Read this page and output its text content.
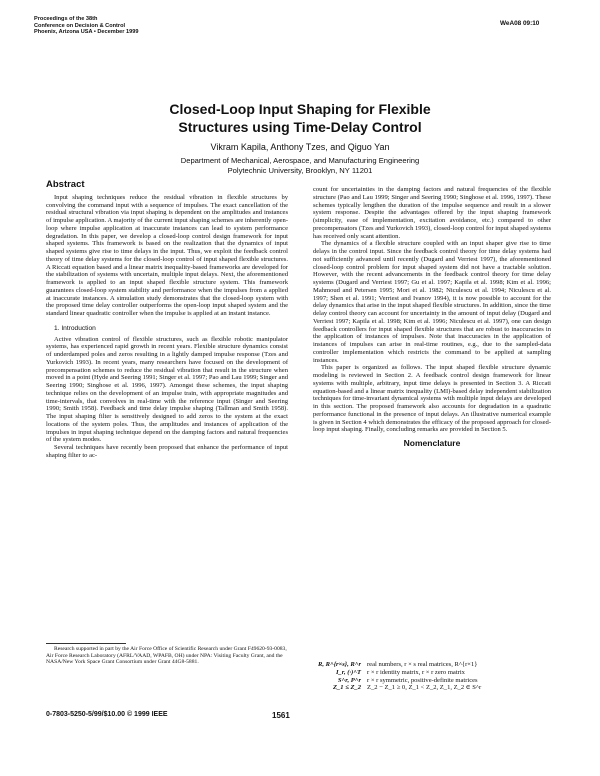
Proceedings of the 38th
Conference on Decision & Control
Phoenix, Arizona USA • December 1999
WeA08 09:10
Closed-Loop Input Shaping for Flexible
Structures using Time-Delay Control
Vikram Kapila, Anthony Tzes, and Qiguo Yan
Department of Mechanical, Aerospace, and Manufacturing Engineering
Polytechnic University, Brooklyn, NY 11201
Abstract

Input shaping techniques reduce the residual vibration in flexible structures by convolving the command input with a sequence of impulses. The exact cancellation of the residual structural vibration via input shaping is dependent on the amplitudes and instances of impulse application. A majority of the current input shaping schemes are inherently open-loop where impulse application at inaccurate instances can lead to system performance degradation. In this paper, we develop a closed-loop control design framework for input shaped systems. This framework is based on the realization that the dynamics of input shaped systems give rise to time delays in the input. Thus, we exploit the feedback control theory of time delay systems for the closed-loop control of input shaped flexible structures. A Riccati equation based and a linear matrix inequality-based frameworks are developed for the stabilization of systems with uncertain, multiple input delays. Next, the aforementioned framework is applied to an input shaped flexible structure system. This framework guarantees closed-loop system stability and performance when the impulses from a applied at inaccurate instances. A simulation study demonstrates that the closed-loop system with the proposed time delay controller outperforms the open-loop input shaped system and the standard linear quadratic controller when the impulse is applied at an instant instance.

1. Introduction

Active vibration control of flexible structures, such as flexible robotic manipulator systems, has experienced rapid growth in recent years. Flexible structure dynamics consist of underdamped poles and zeros resulting in a lightly damped impulse response (Tzes and Yurkovich 1993). In recent years, many researchers have focused on the development of precompensation schemes to reduce the residual vibration that result in the structure when moved in a point (Hyde and Seering 1991; Singer et al. 1997; Pao and Lau 1999; Singer and Seering 1990; Singhose et al. 1996, 1997). Amongst these schemes, the input shaping technique relies on the development of an impulse train, with appropriate magnitudes and time-intervals, that convolves in real-time with the reference input (Singer and Seering 1990; Smith 1958). Feedback and time delay impulse shaping (Tallman and Smith 1958). The input shaping filter is sensitively designed to add zeros to the system at the exact locations of the system poles. Thus, the amplitudes and instances of application of the impulses in input shaping technique depend on the damping factors and natural frequencies of the system modes.

Several techniques have recently been proposed that enhance the performance of input shaping filter to ac-

Research supported in part by the Air Force Office of Scientific Research under Grant F49620-93-0083, Air Force Research Laboratory (AFRL/VAAD, WPAFB, OH) under NPA: Visiting Faculty Grant, and the NASA/New York Space Grant Consortium under Grant 44G8-5881.

0-7803-5250-5/99/$10.00 © 1999 IEEE	1561

count for uncertainties in the damping factors and natural frequencies of the flexible structure (Pao and Lau 1999; Singer and Seering 1990; Singhose et al. 1996, 1997). These schemes typically lengthen the duration of the impulse sequence and result in a slower system response. Despite the advantages offered by the input shaping framework (simplicity, ease of implementation, excitation avoidance, etc.) compared to other precompensators (Tzes and Yurkovich 1993), closed-loop control for input shaped systems has received only scant attention.

The dynamics of a flexible structure coupled with an input shaper give rise to time delays in the control input. Since the feedback control theory for time delay systems had not sufficiently advanced until recently (Dugard and Verriest 1997), the aforementioned closed-loop control problem for input shaped system did not have a tractable solution. However, with the recent advancements in the feedback control theory for time delay systems (Dugard and Verriest 1997; Gu et al. 1997; Kapila et al. 1998; Kim et al. 1996; Mahmoud and Petersen 1995; Mori et al. 1982; Niculescu et al. 1994; Niculescu et al. 1997; Shen et al. 1991; Verriest and Ivanov 1994), it is now possible to account for the delay dynamics that arise in the input shaped flexible structures. In addition, since the time delay control theory can account for uncertainty in the amount of input delay (Dugard and Verriest 1997; Kapila et al. 1998; Kim et al. 1996; Niculescu et al. 1997), one can design feedback controllers for input shaped flexible structures that are robust to inaccuracies in the application of instances of impulses. Note that inaccuracies in the application of instances of impulses can arise in real-time routines, e.g., due to the sampled-data controller implementation which restricts the command to be applied at sampling instances.

This paper is organized as follows. The input shaped flexible structure dynamic modeling is reviewed in Section 2. A feedback control design framework for linear systems with multiple, arbitrary, input time delays is presented in Section 3. A Riccati equation-based and a linear matrix inequality (LMI)-based delay independent stabilization techniques for time-invariant dynamical systems with multiple input delays are developed in this section. The proposed framework also accounts for degradation in a quadratic performance functional in the presence of input delays. An illustrative numerical example is given in Section 4 which demonstrates the efficacy of the proposed approach for closed-loop input shaping. Finally, concluding remarks are provided in Section 5.

Nomenclature
R, R^{r×s}, R^r real numbers, r × s real matrices, R^{r×1}
I_r, (·)^T r × r identity matrix, r × r zero matrix
S^r, P^r r × r symmetric, positive-definite matrices
Z_1 ≤ Z_2 Z_2 − Z_1 ≥ 0, Z_1 < Z_2, Z_1, Z_2 ∈ S^r
